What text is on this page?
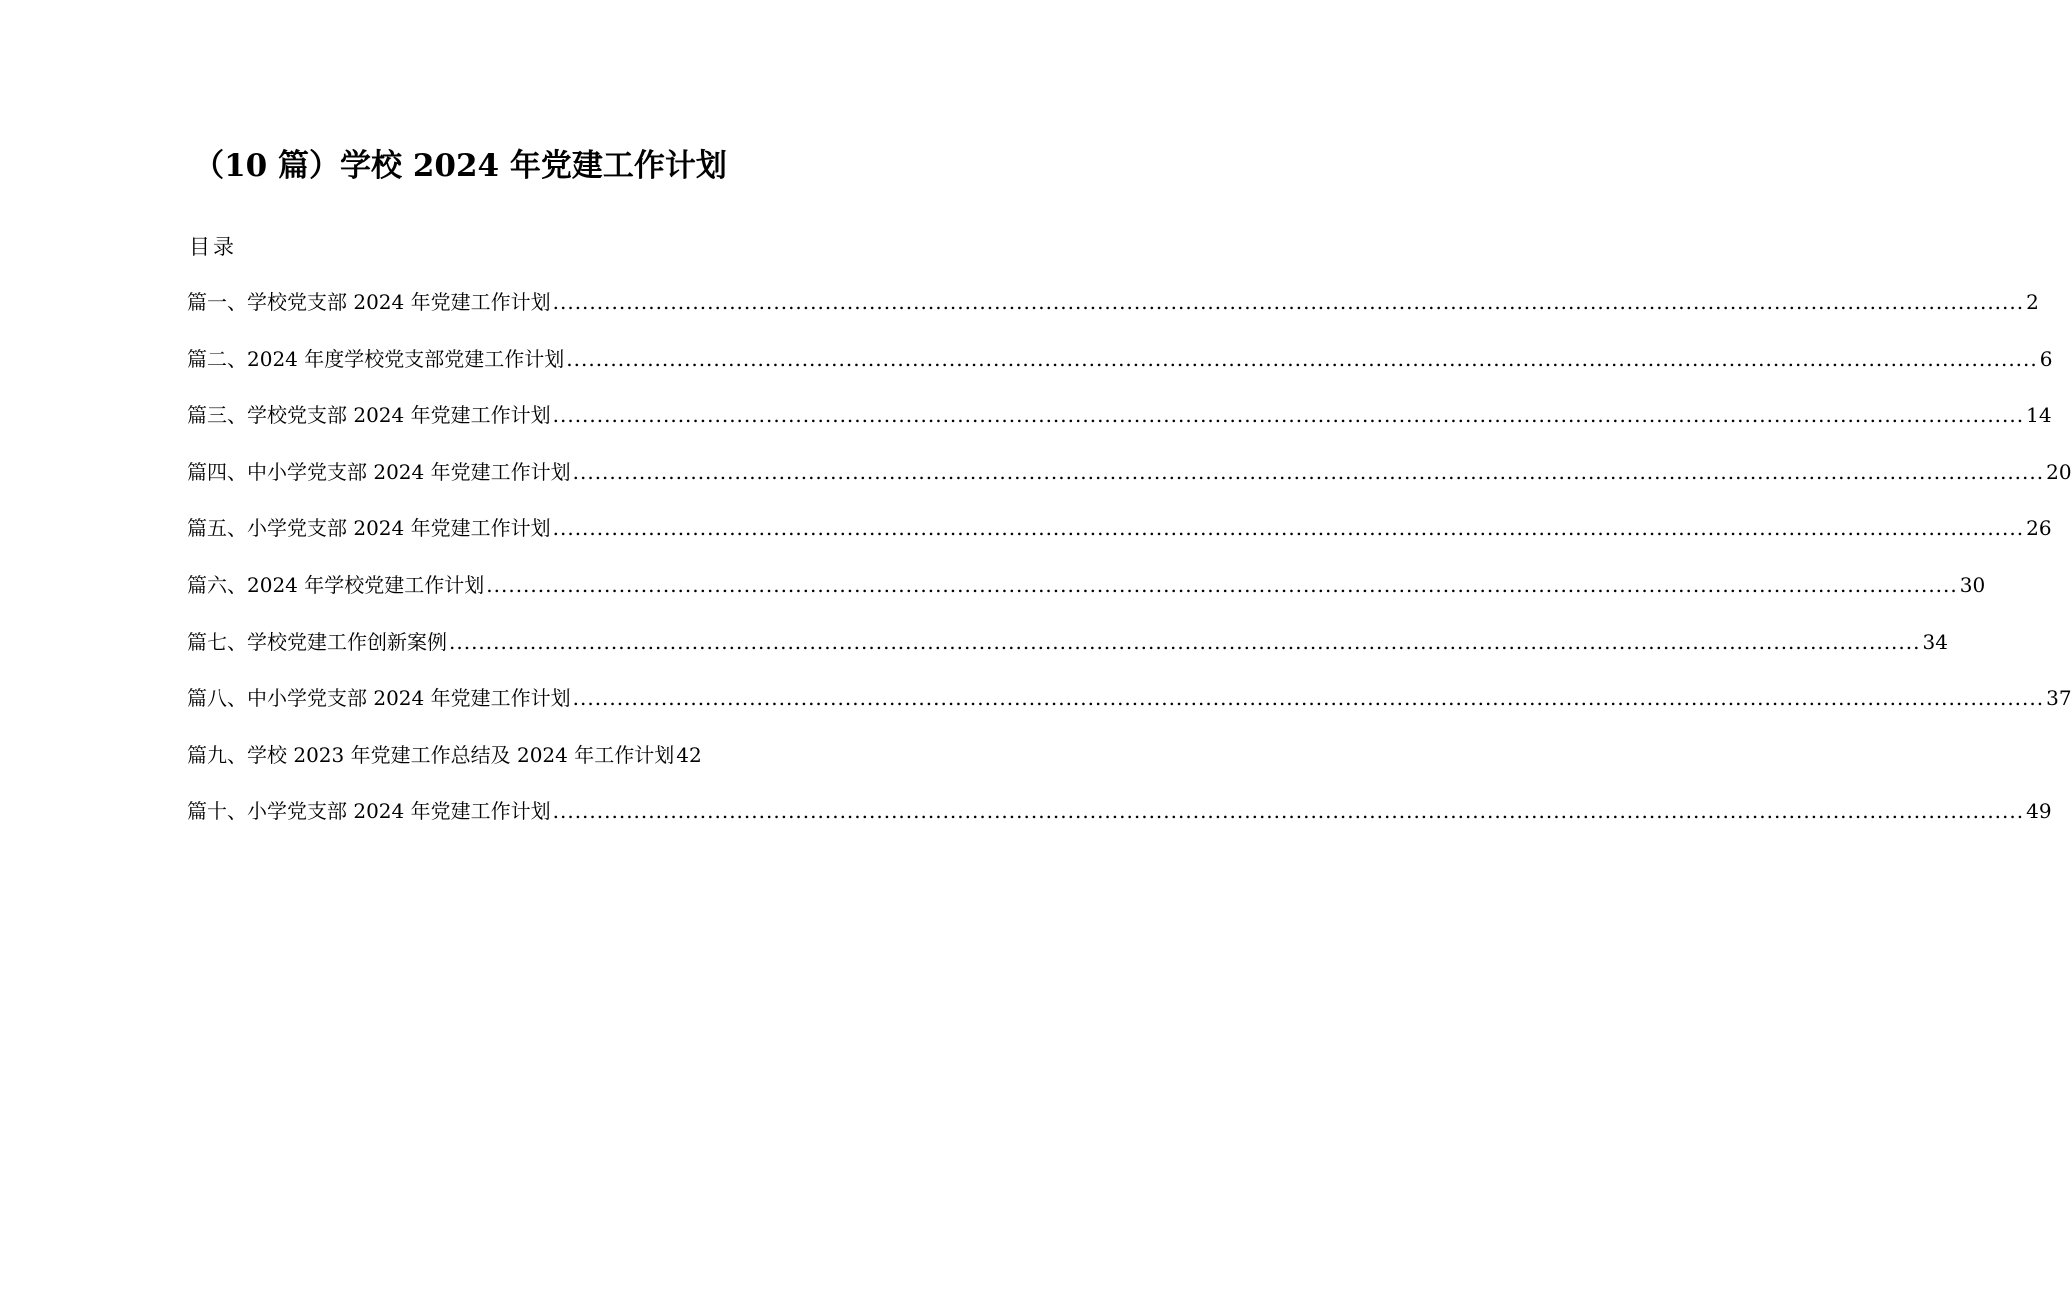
（10 篇）学校 2024 年党建工作计划
目录
篇一、学校党支部 2024 年党建工作计划 ........................................................................................................................................................................................................ 2
篇二、2024 年度学校党支部党建工作计划 ........................................................................................................................................................................................................ 6
篇三、学校党支部 2024 年党建工作计划 ........................................................................................................................................................................................................ 14
篇四、中小学党支部 2024 年党建工作计划 ........................................................................................................................................................................................................ 20
篇五、小学党支部 2024 年党建工作计划 ........................................................................................................................................................................................................ 26
篇六、2024 年学校党建工作计划 ........................................................................................................................................................................................................ 30
篇七、学校党建工作创新案例 ........................................................................................................................................................................................................ 34
篇八、中小学党支部 2024 年党建工作计划 ........................................................................................................................................................................................................ 37
篇九、学校 2023 年党建工作总结及 2024 年工作计划 42
篇十、小学党支部 2024 年党建工作计划 ........................................................................................................................................................................................................ 49
